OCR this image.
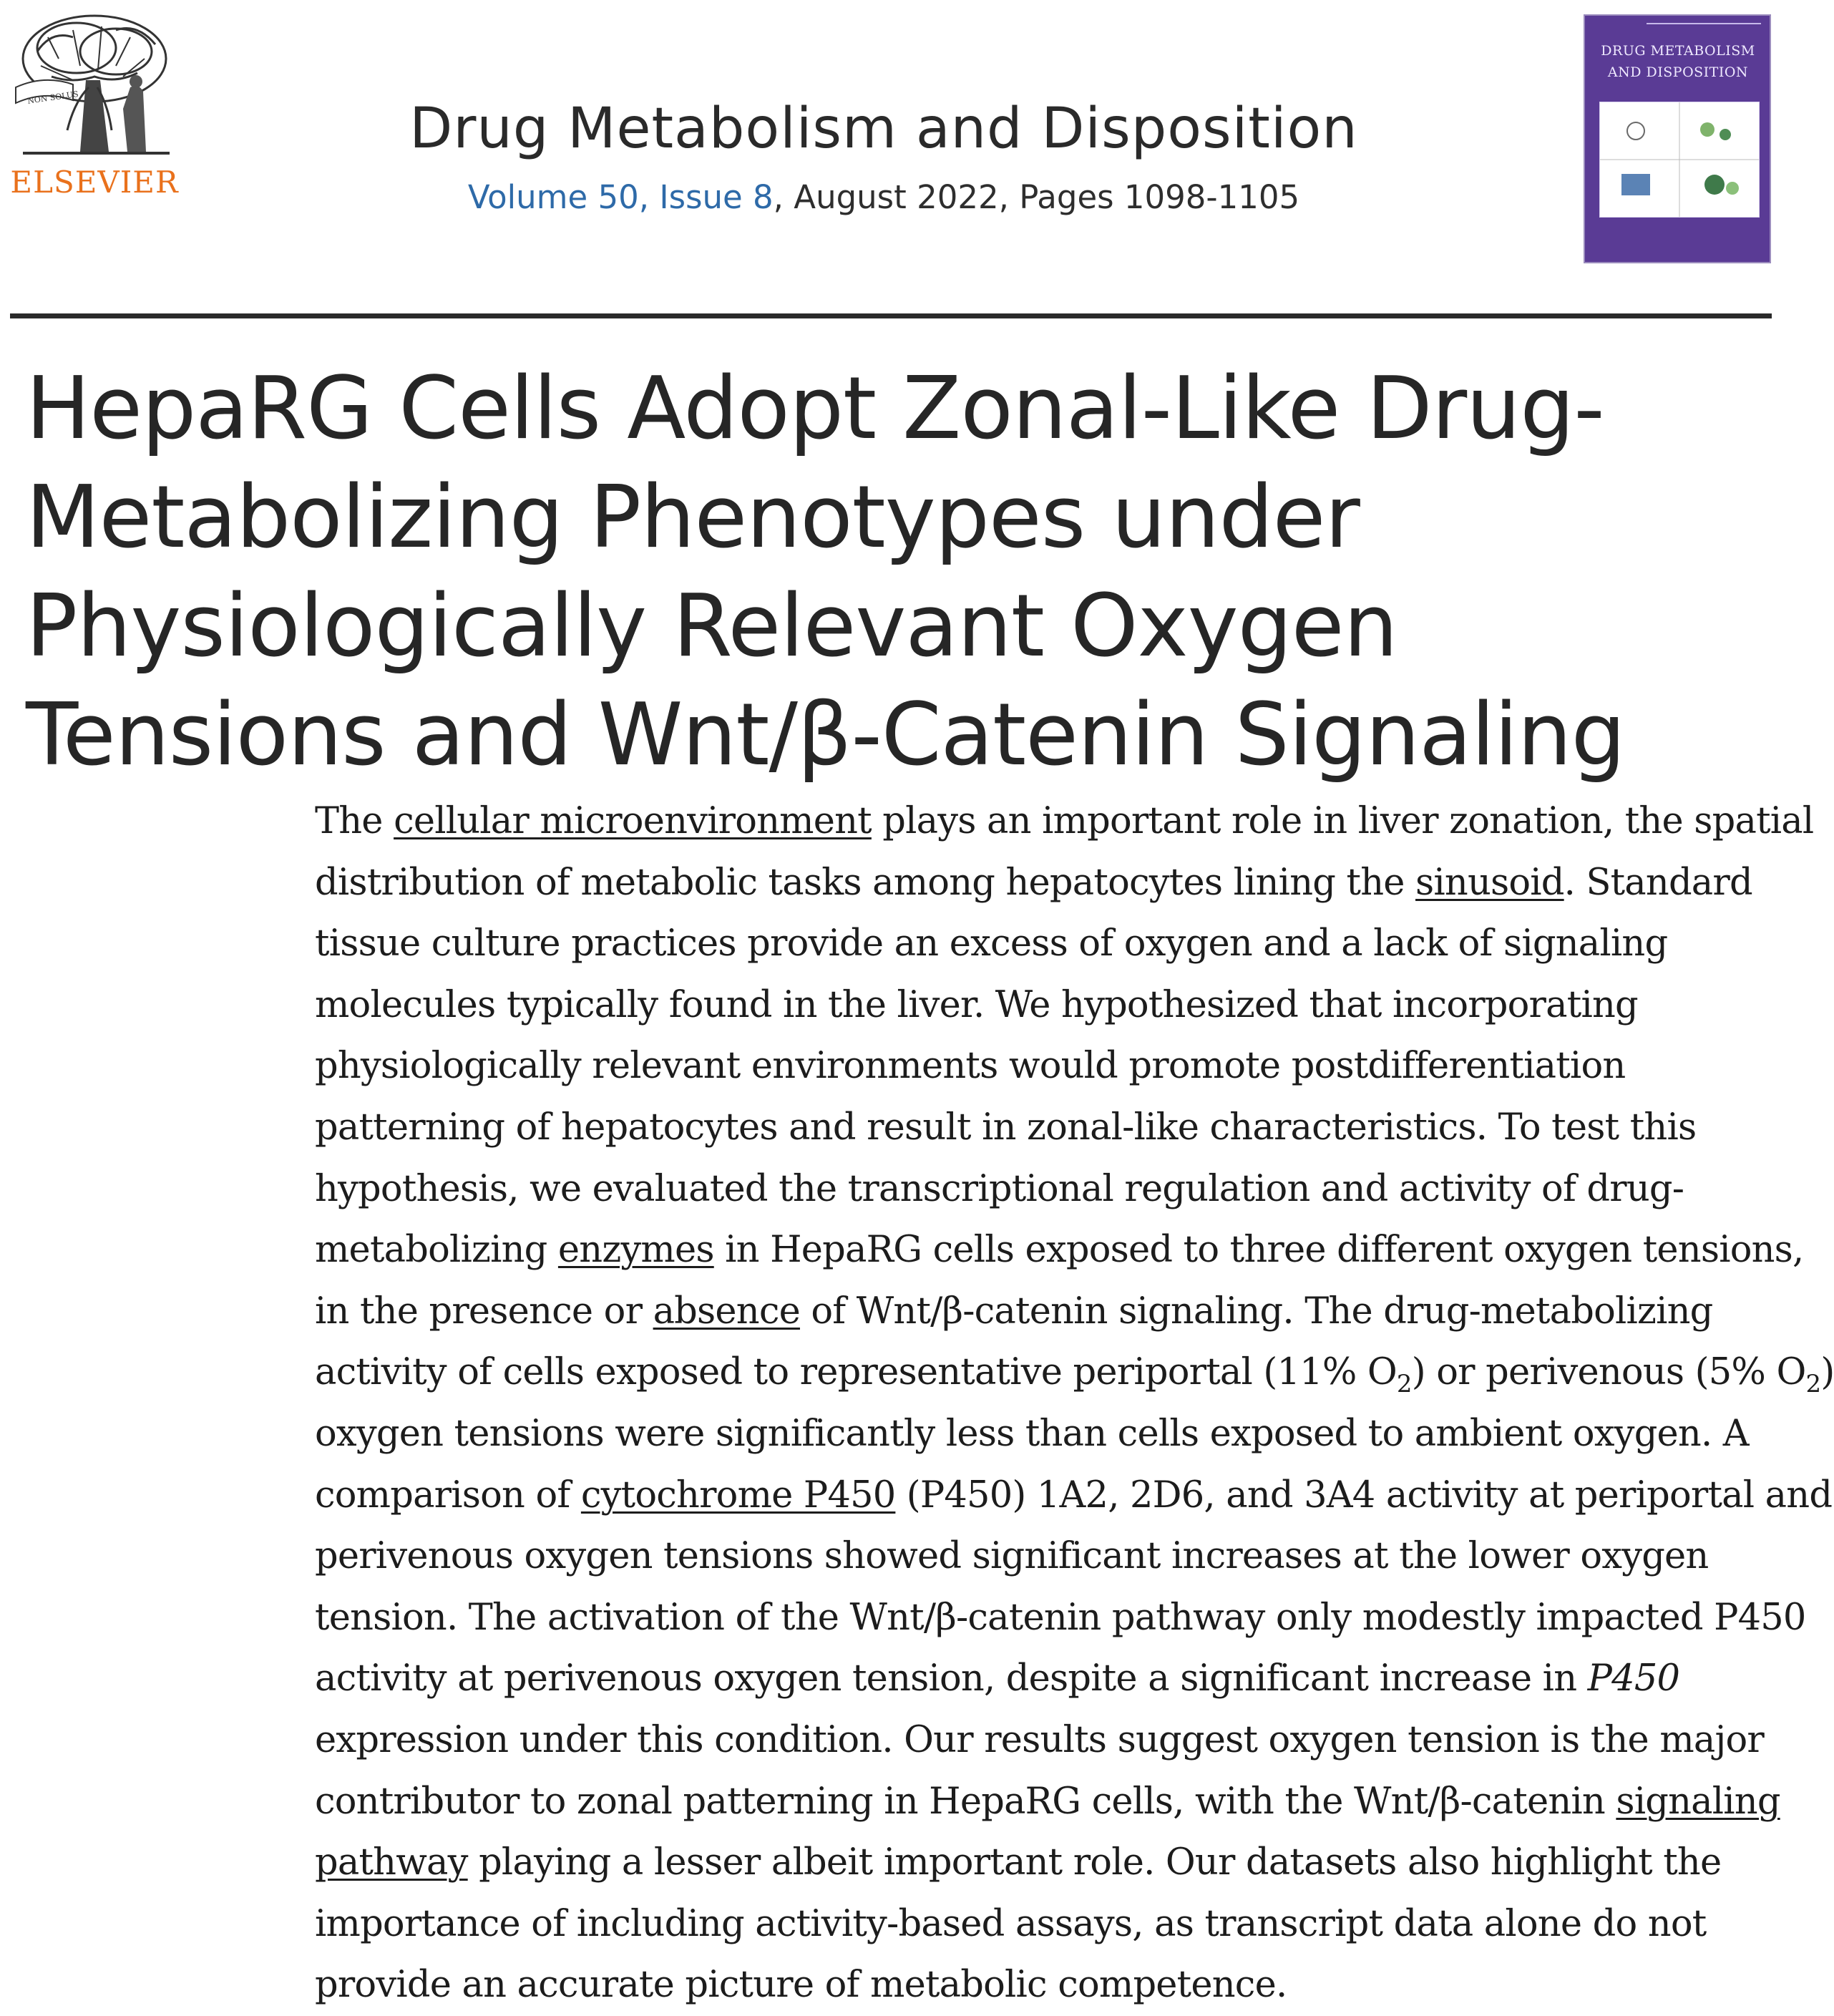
ELSEVIER
NON SOLUS	Drug Metabolism and Disposition
Volume 50, Issue 8, August 2022, Pages 1098-1105
DRUG METABOLISM
AND DISPOSITION
HepaRG Cells Adopt Zonal-Like Drug-Metabolizing Phenotypes under Physiologically Relevant Oxygen Tensions and Wnt/β-Catenin Signaling
The cellular microenvironment plays an important role in liver zonation, the spatial
distribution of metabolic tasks among hepatocytes lining the sinusoid. Standard
tissue culture practices provide an excess of oxygen and a lack of signaling
molecules typically found in the liver. We hypothesized that incorporating
physiologically relevant environments would promote postdifferentiation
patterning of hepatocytes and result in zonal-like characteristics. To test this
hypothesis, we evaluated the transcriptional regulation and activity of drug-
metabolizing enzymes in HepaRG cells exposed to three different oxygen tensions,
in the presence or absence of Wnt/β-catenin signaling. The drug-metabolizing
activity of cells exposed to representative periportal (11% $O_2$) or perivenous (5% $O_2$)
oxygen tensions were significantly less than cells exposed to ambient oxygen. A
comparison of cytochrome P450 (P450) 1A2, 2D6, and 3A4 activity at periportal and
perivenous oxygen tensions showed significant increases at the lower oxygen
tension. The activation of the Wnt/β-catenin pathway only modestly impacted P450
activity at perivenous oxygen tension, despite a significant increase in P450
expression under this condition. Our results suggest oxygen tension is the major
contributor to zonal patterning in HepaRG cells, with the Wnt/β-catenin signaling
pathway playing a lesser albeit important role. Our datasets also highlight the
importance of including activity-based assays, as transcript data alone do not
provide an accurate picture of metabolic competence.
